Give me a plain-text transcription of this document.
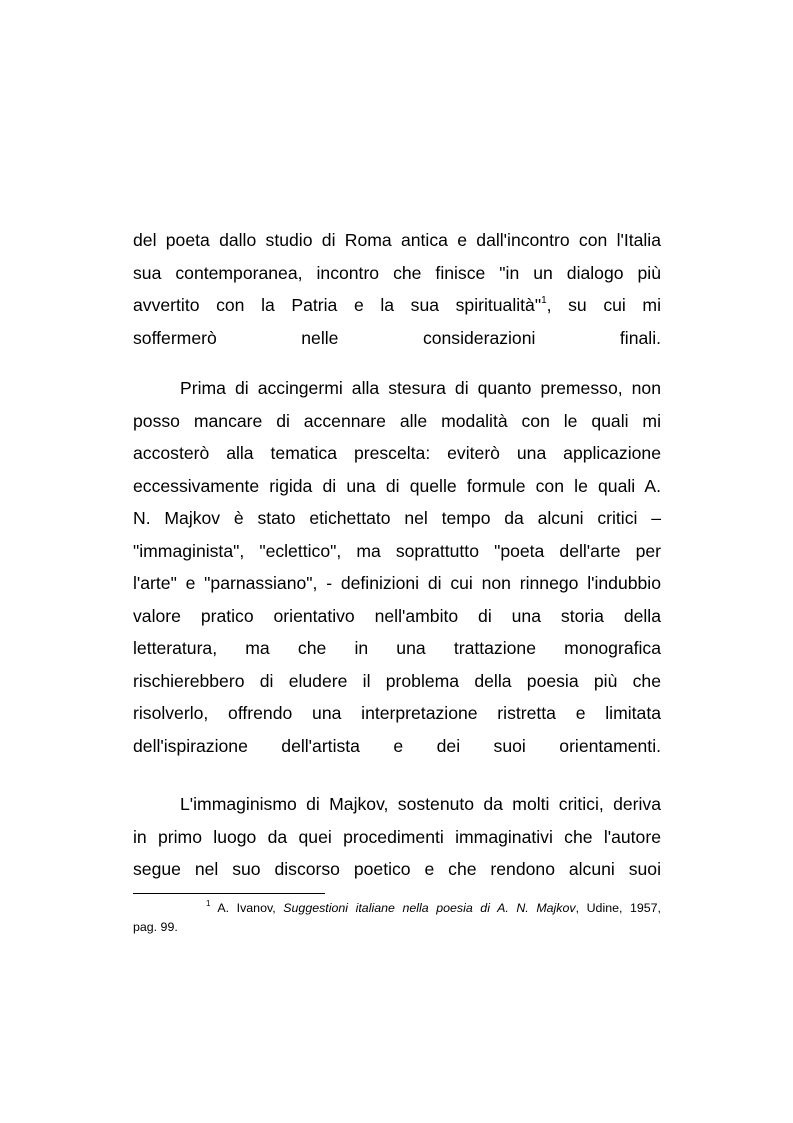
del poeta dallo studio di Roma antica e dall'incontro con l'Italia
sua contemporanea, incontro che finisce "in un dialogo più
avvertito con la Patria e la sua spiritualità"$^1$, su cui mi
soffermerò nelle considerazioni finali.
Prima di accingermi alla stesura di quanto premesso, non
posso mancare di accennare alle modalità con le quali mi
accosterò alla tematica prescelta: eviterò una applicazione
eccessivamente rigida di una di quelle formule con le quali A.
N. Majkov è stato etichettato nel tempo da alcuni critici –
"immaginista", "eclettico", ma soprattutto "poeta dell'arte per
l'arte" e "parnassiano", - definizioni di cui non rinnego l'indubbio
valore pratico orientativo nell'ambito di una storia della
letteratura, ma che in una trattazione monografica
rischierebbero di eludere il problema della poesia più che
risolverlo, offrendo una interpretazione ristretta e limitata
dell'ispirazione dell'artista e dei suoi orientamenti.
L'immaginismo di Majkov, sostenuto da molti critici, deriva
in primo luogo da quei procedimenti immaginativi che l'autore
segue nel suo discorso poetico e che rendono alcuni suoi
$^1$ A. Ivanov, Suggestioni italiane nella poesia di A. N. Majkov, Udine, 1957,
pag. 99.
